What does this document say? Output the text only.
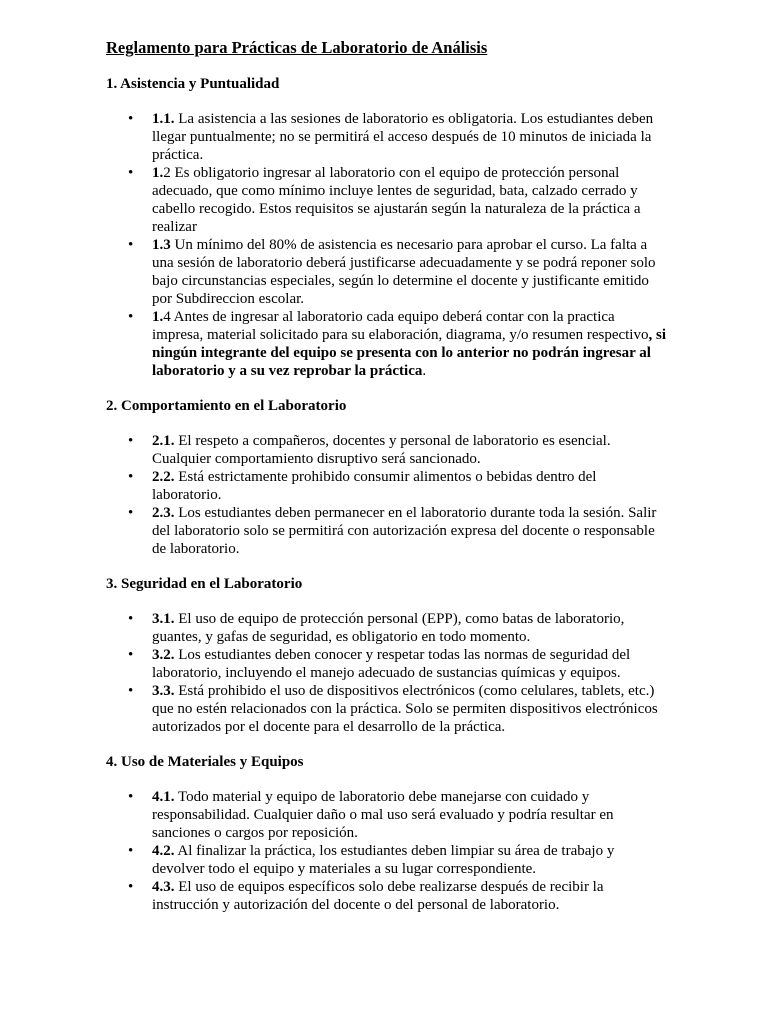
Reglamento para Prácticas de Laboratorio de Análisis
1. Asistencia y Puntualidad
• 1.1. La asistencia a las sesiones de laboratorio es obligatoria. Los estudiantes deben llegar puntualmente; no se permitirá el acceso después de 10 minutos de iniciada la práctica.
• 1.2 Es obligatorio ingresar al laboratorio con el equipo de protección personal adecuado, que como mínimo incluye lentes de seguridad, bata, calzado cerrado y cabello recogido. Estos requisitos se ajustarán según la naturaleza de la práctica a realizar
• 1.3 Un mínimo del 80% de asistencia es necesario para aprobar el curso. La falta a una sesión de laboratorio deberá justificarse adecuadamente y se podrá reponer solo bajo circunstancias especiales, según lo determine el docente y justificante emitido por Subdireccion escolar.
• 1.4 Antes de ingresar al laboratorio cada equipo deberá contar con la practica impresa, material solicitado para su elaboración, diagrama, y/o resumen respectivo, si ningún integrante del equipo se presenta con lo anterior no podrán ingresar al laboratorio y a su vez reprobar la práctica.
2. Comportamiento en el Laboratorio
• 2.1. El respeto a compañeros, docentes y personal de laboratorio es esencial. Cualquier comportamiento disruptivo será sancionado.
• 2.2. Está estrictamente prohibido consumir alimentos o bebidas dentro del laboratorio.
• 2.3. Los estudiantes deben permanecer en el laboratorio durante toda la sesión. Salir del laboratorio solo se permitirá con autorización expresa del docente o responsable de laboratorio.
3. Seguridad en el Laboratorio
• 3.1. El uso de equipo de protección personal (EPP), como batas de laboratorio, guantes, y gafas de seguridad, es obligatorio en todo momento.
• 3.2. Los estudiantes deben conocer y respetar todas las normas de seguridad del laboratorio, incluyendo el manejo adecuado de sustancias químicas y equipos.
• 3.3. Está prohibido el uso de dispositivos electrónicos (como celulares, tablets, etc.) que no estén relacionados con la práctica. Solo se permiten dispositivos electrónicos autorizados por el docente para el desarrollo de la práctica.
4. Uso de Materiales y Equipos
• 4.1. Todo material y equipo de laboratorio debe manejarse con cuidado y responsabilidad. Cualquier daño o mal uso será evaluado y podría resultar en sanciones o cargos por reposición.
• 4.2. Al finalizar la práctica, los estudiantes deben limpiar su área de trabajo y devolver todo el equipo y materiales a su lugar correspondiente.
• 4.3. El uso de equipos específicos solo debe realizarse después de recibir la instrucción y autorización del docente o del personal de laboratorio.
